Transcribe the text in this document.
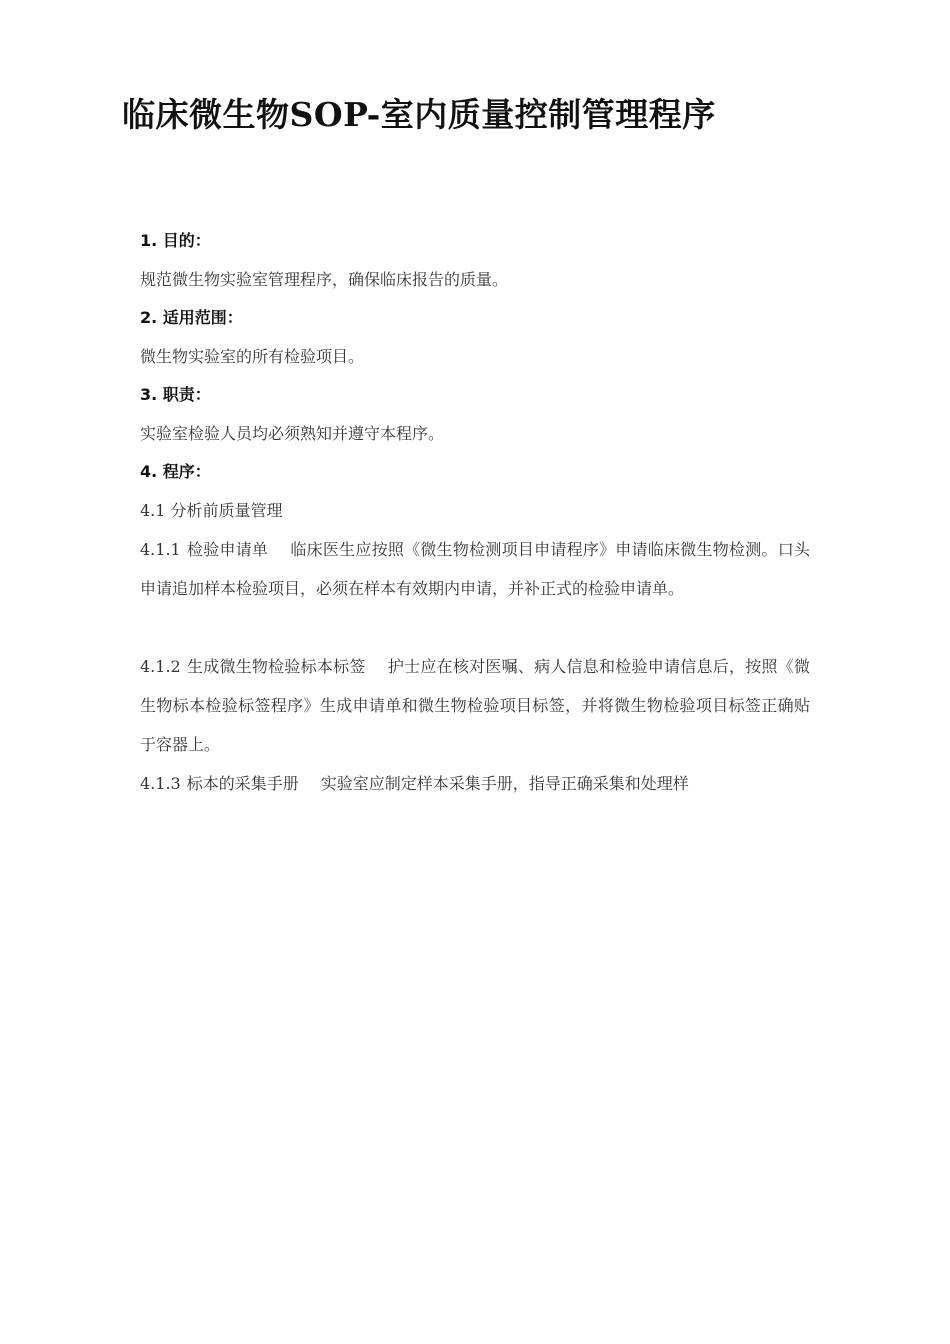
临床微生物SOP-室内质量控制管理程序
1. 目的：

规范微生物实验室管理程序，确保临床报告的质量。

2. 适用范围：

微生物实验室的所有检验项目。

3. 职责：

实验室检验人员均必须熟知并遵守本程序。

4. 程序：

4.1 分析前质量管理

4.1.1 检验申请单 临床医生应按照《微生物检测项目申请程序》申请临床微生物检测。口头申请追加样本检验项目，必须在样本有效期内申请，并补正式的检验申请单。

4.1.2 生成微生物检验标本标签 护士应在核对医嘱、病人信息和检验申请信息后，按照《微生物标本检验标签程序》生成申请单和微生物检验项目标签，并将微生物检验项目标签正确贴于容器上。

4.1.3 标本的采集手册 实验室应制定样本采集手册，指导正确采集和处理样
